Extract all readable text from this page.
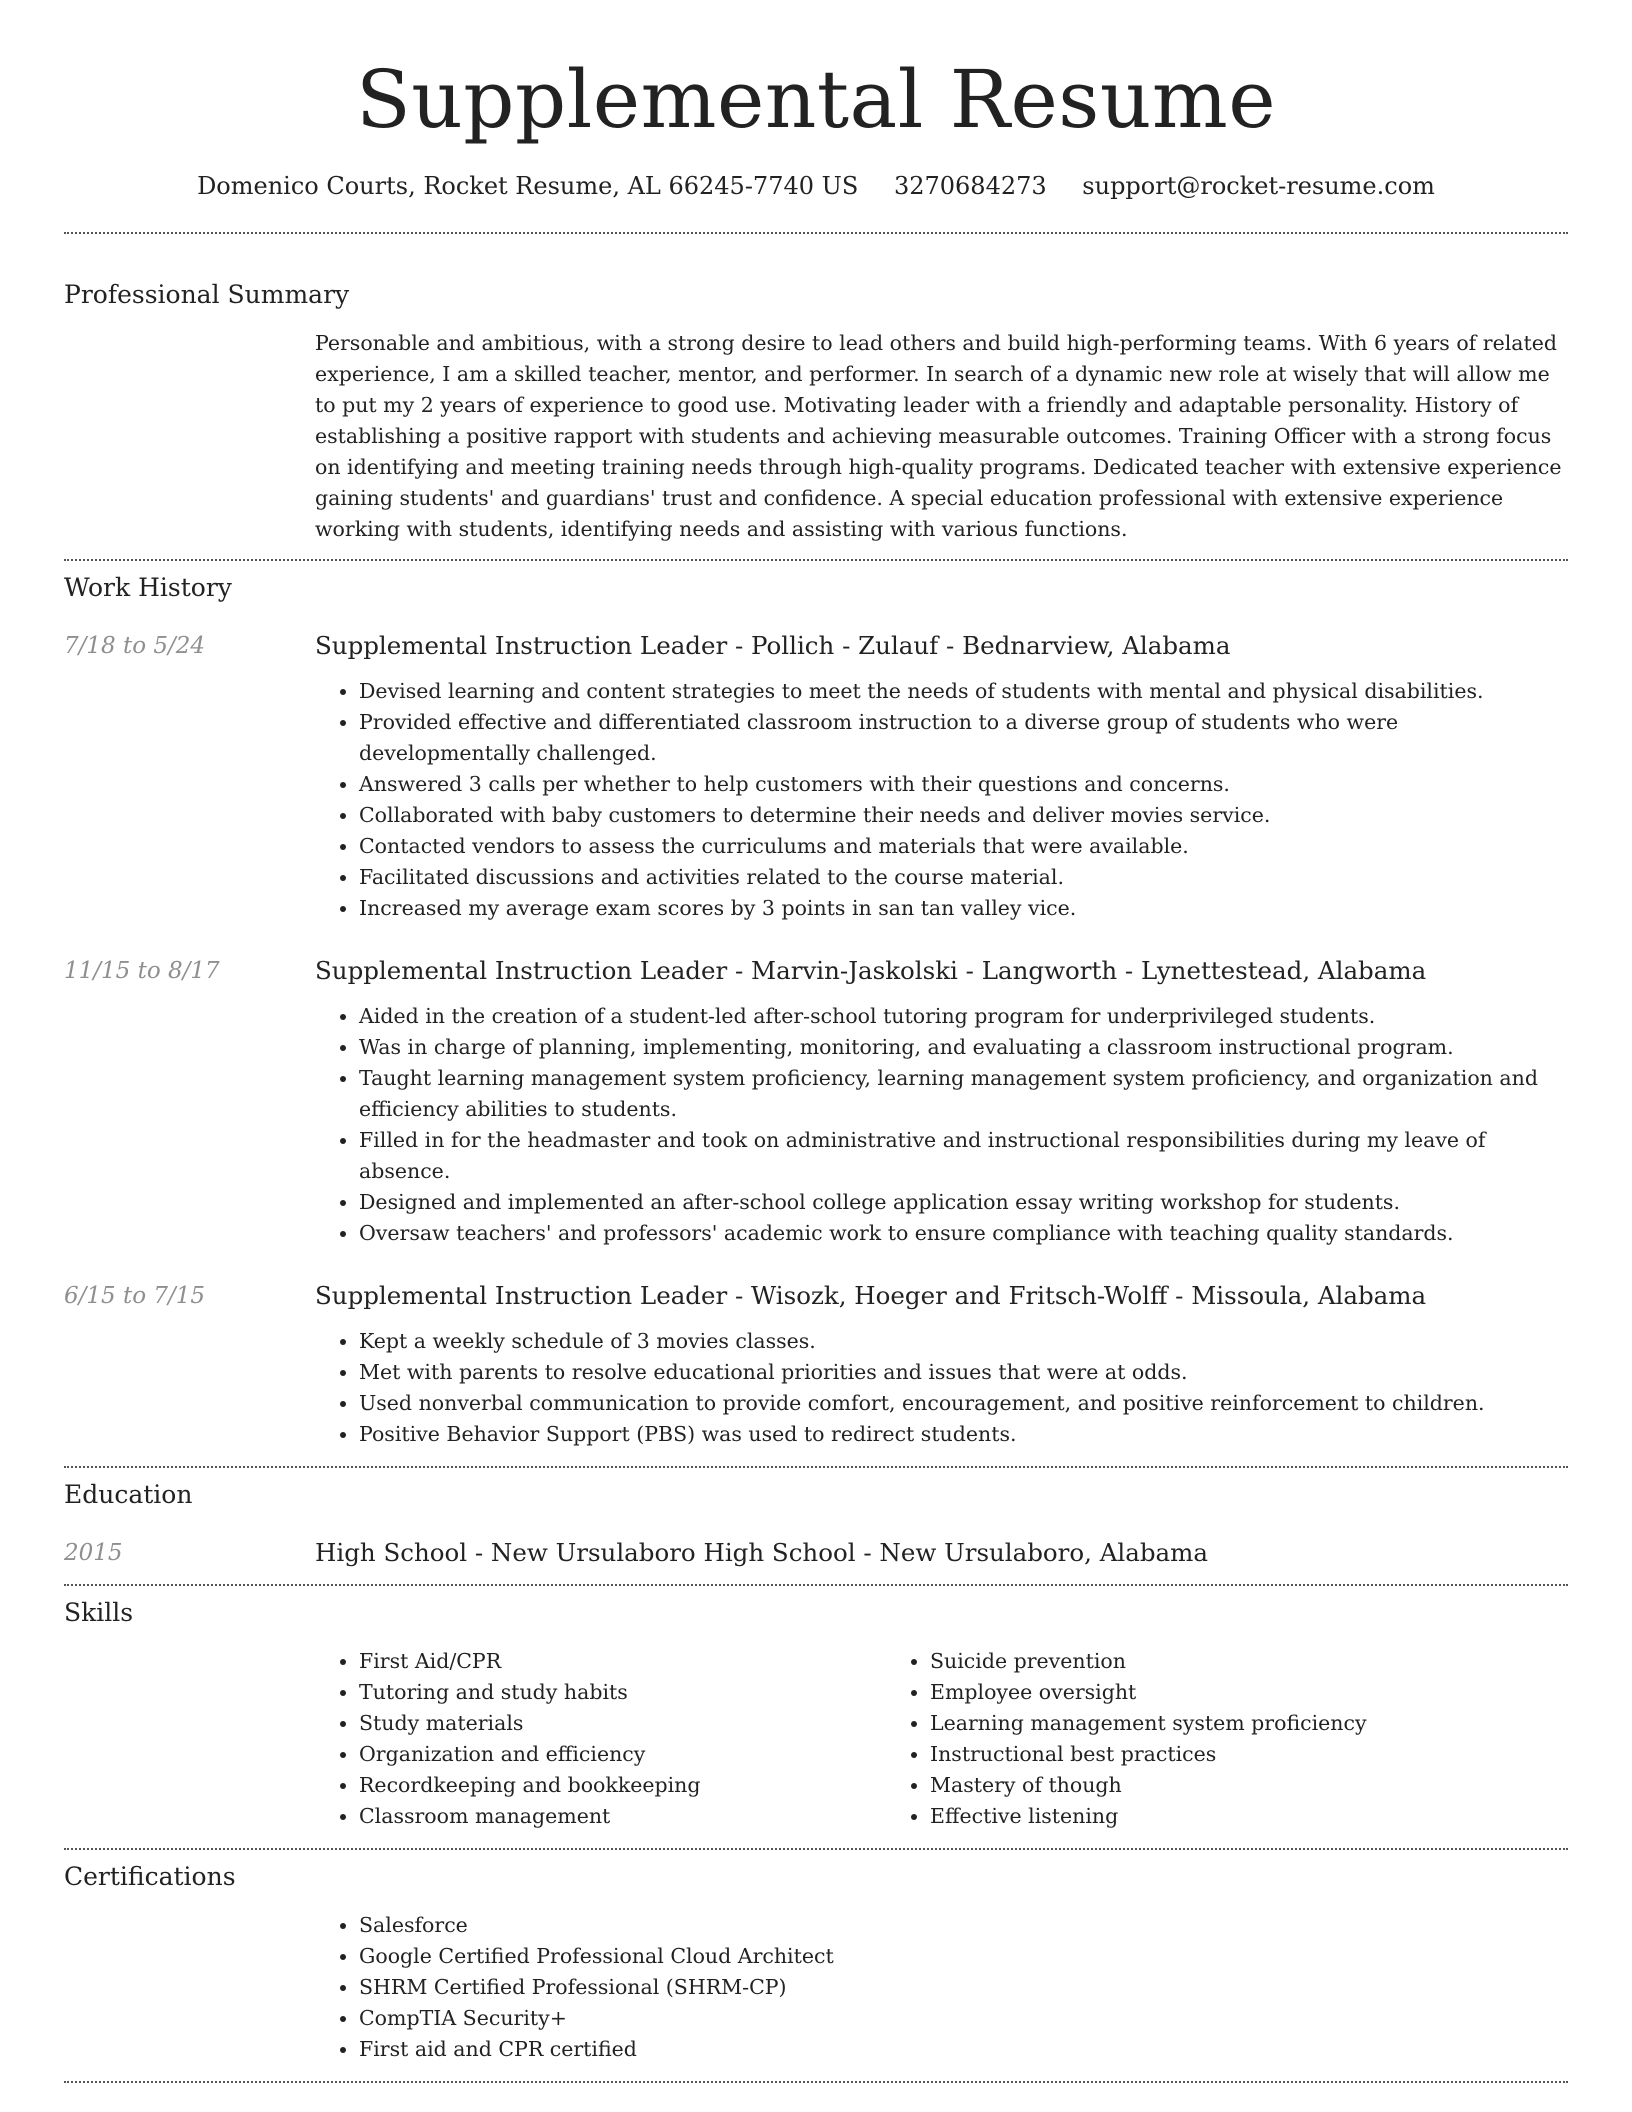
Supplemental Resume
Domenico Courts, Rocket Resume, AL 66245-7740 US 3270684273 support@rocket-resume.com
Professional Summary

Personable and ambitious, with a strong desire to lead others and build high-performing teams. With 6 years of related experience, I am a skilled teacher, mentor, and performer. In search of a dynamic new role at wisely that will allow me to put my 2 years of experience to good use. Motivating leader with a friendly and adaptable personality. History of establishing a positive rapport with students and achieving measurable outcomes. Training Officer with a strong focus on identifying and meeting training needs through high-quality programs. Dedicated teacher with extensive experience gaining students' and guardians' trust and confidence. A special education professional with extensive experience working with students, identifying needs and assisting with various functions.

Work History
7/18 to 5/24	Supplemental Instruction Leader - Pollich - Zulauf - Bednarview, Alabama
• Devised learning and content strategies to meet the needs of students with mental and physical disabilities.
• Provided effective and differentiated classroom instruction to a diverse group of students who were developmentally challenged.
• Answered 3 calls per whether to help customers with their questions and concerns.
• Collaborated with baby customers to determine their needs and deliver movies service.
• Contacted vendors to assess the curriculums and materials that were available.
• Facilitated discussions and activities related to the course material.
• Increased my average exam scores by 3 points in san tan valley vice.
11/15 to 8/17	Supplemental Instruction Leader - Marvin-Jaskolski - Langworth - Lynettestead, Alabama
• Aided in the creation of a student-led after-school tutoring program for underprivileged students.
• Was in charge of planning, implementing, monitoring, and evaluating a classroom instructional program.
• Taught learning management system proficiency, learning management system proficiency, and organization and efficiency abilities to students.
• Filled in for the headmaster and took on administrative and instructional responsibilities during my leave of absence.
• Designed and implemented an after-school college application essay writing workshop for students.
• Oversaw teachers' and professors' academic work to ensure compliance with teaching quality standards.
6/15 to 7/15	Supplemental Instruction Leader - Wisozk, Hoeger and Fritsch-Wolff - Missoula, Alabama
• Kept a weekly schedule of 3 movies classes.
• Met with parents to resolve educational priorities and issues that were at odds.
• Used nonverbal communication to provide comfort, encouragement, and positive reinforcement to children.
• Positive Behavior Support (PBS) was used to redirect students.
Education
2015	High School - New Ursulaboro High School - New Ursulaboro, Alabama
Skills
• First Aid/CPR
• Tutoring and study habits
• Study materials
• Organization and efficiency
• Recordkeeping and bookkeeping
• Classroom management
• Suicide prevention
• Employee oversight
• Learning management system proficiency
• Instructional best practices
• Mastery of though
• Effective listening
Certifications
• Salesforce
• Google Certified Professional Cloud Architect
• SHRM Certified Professional (SHRM-CP)
• CompTIA Security+
• First aid and CPR certified
